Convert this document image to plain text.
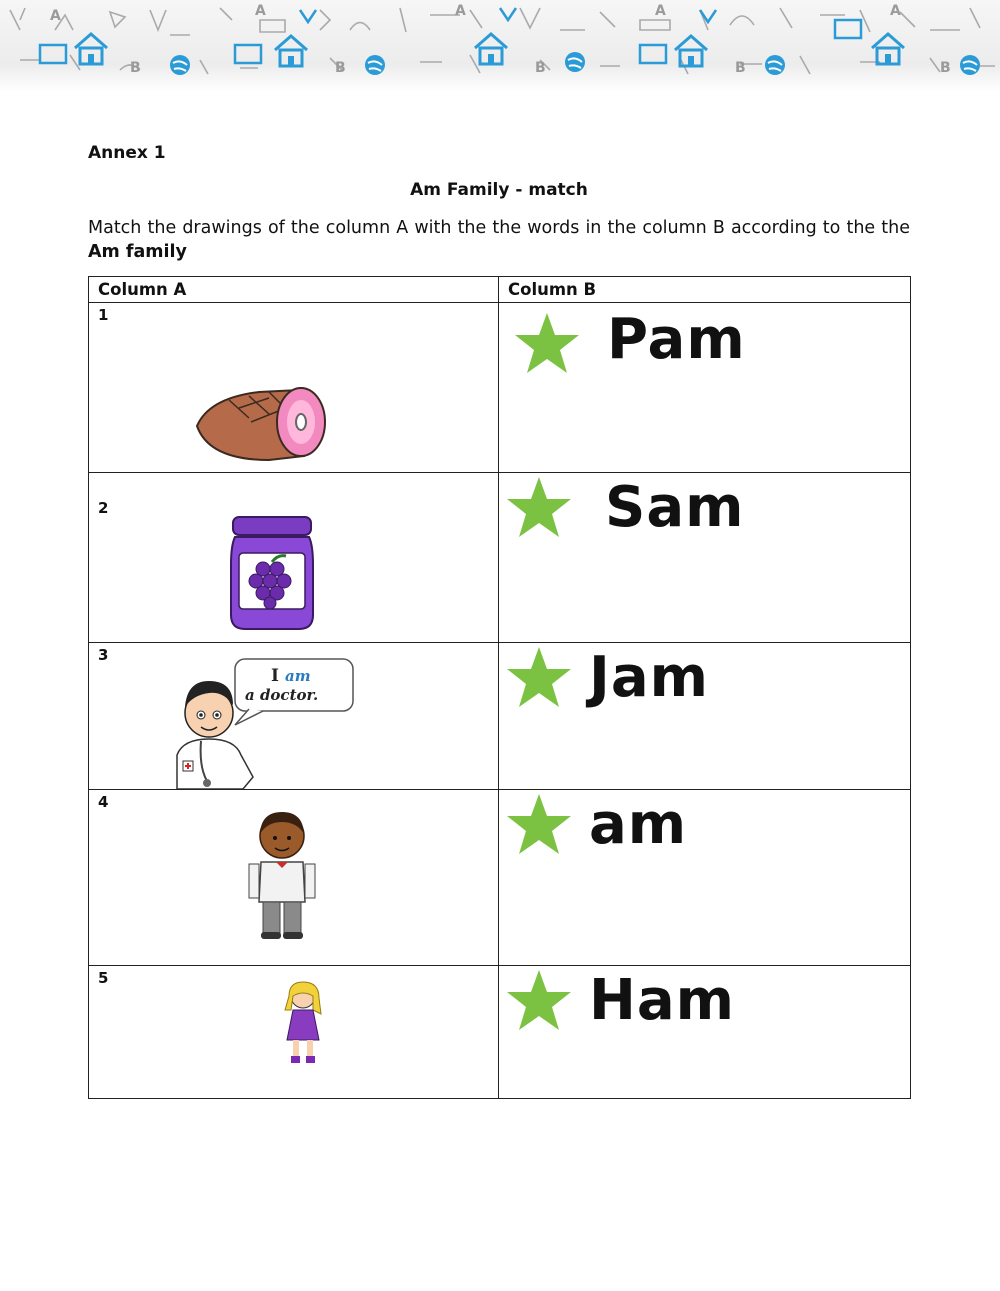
A
B
A
B
A
B
A
B
A
B
Annex 1
Am Family - match
Match the drawings of the column A with the the words in the column B according to the the Am family
Column A	Column B

1	Pam

2	Sam

3
I am
a doctor.	Jam

4	am

5	Ham
